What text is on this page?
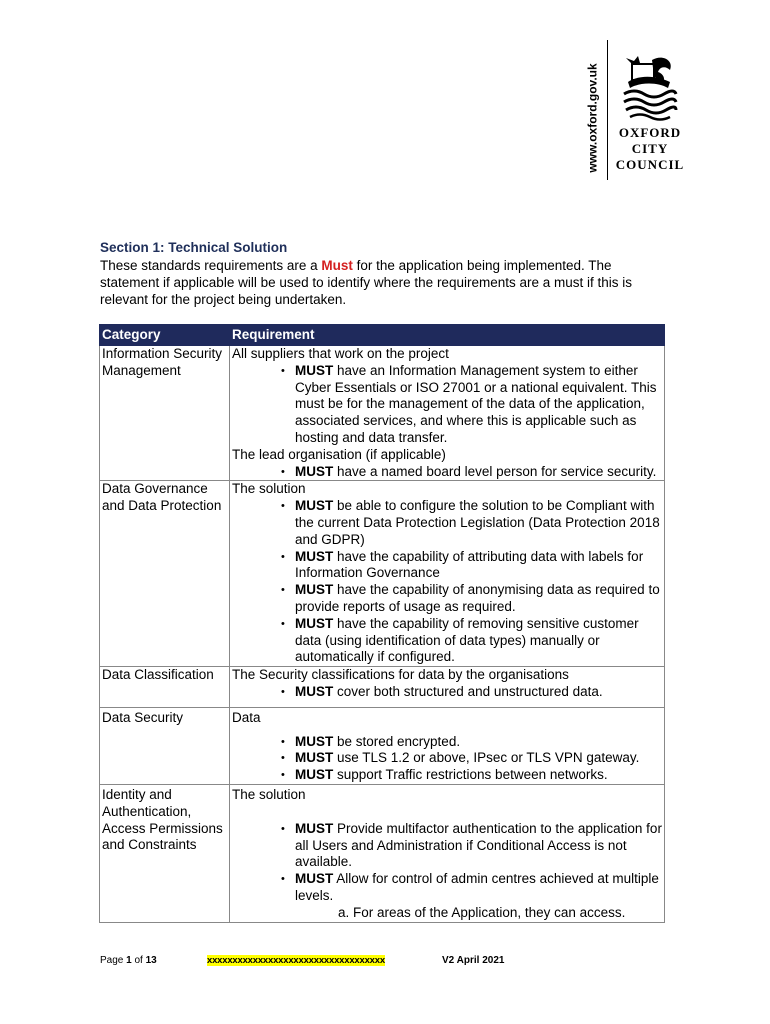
www.oxford.gov.uk	OXFORD
CITY
COUNCIL
Section 1: Technical Solution
These standards requirements are a Must for the application being implemented. The statement if applicable will be used to identify where the requirements are a must if this is relevant for the project being undertaken.
Category	Requirement
Information Security Management	All suppliers that work on the project
• MUST have an Information Management system to either Cyber Essentials or ISO 27001 or a national equivalent. This must be for the management of the data of the application, associated services, and where this is applicable such as hosting and data transfer.
The lead organisation (if applicable)
• MUST have a named board level person for service security.

Data Governance and Data Protection	The solution
• MUST be able to configure the solution to be Compliant with the current Data Protection Legislation (Data Protection 2018 and GDPR)
• MUST have the capability of attributing data with labels for Information Governance
• MUST have the capability of anonymising data as required to provide reports of usage as required.
• MUST have the capability of removing sensitive customer data (using identification of data types) manually or automatically if configured.

Data Classification	The Security classifications for data by the organisations
• MUST cover both structured and unstructured data.

Data Security	Data
• MUST be stored encrypted.
• MUST use TLS 1.2 or above, IPsec or TLS VPN gateway.
• MUST support Traffic restrictions between networks.

Identity and Authentication, Access Permissions and Constraints	The solution
• MUST Provide multifactor authentication to the application for all Users and Administration if Conditional Access is not available.
• MUST Allow for control of admin centres achieved at multiple levels.
a. For areas of the Application, they can access.
Page 1 of 13	xxxxxxxxxxxxxxxxxxxxxxxxxxxxxxxxxxx	V2 April 2021
